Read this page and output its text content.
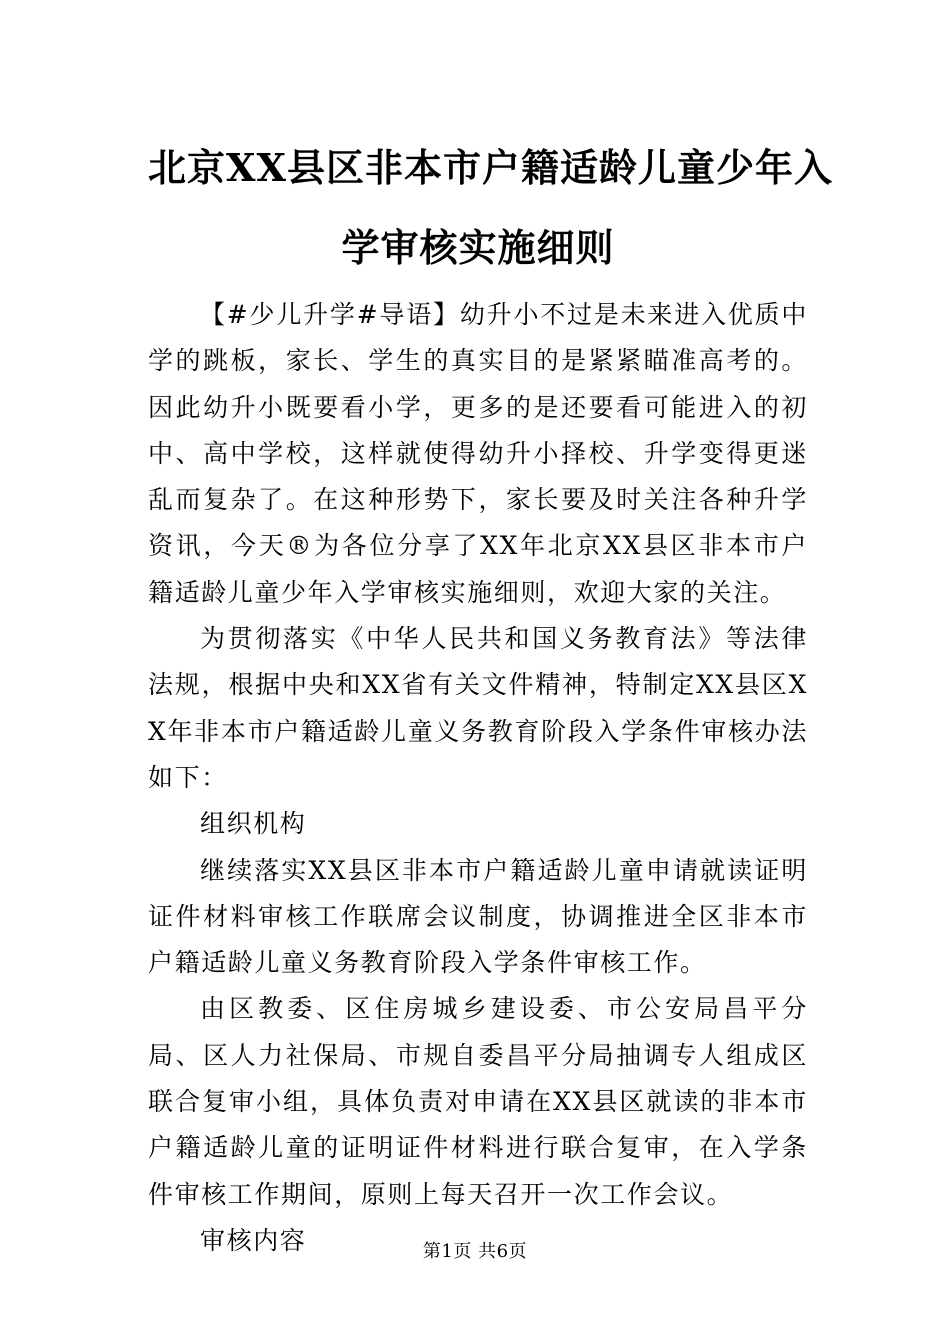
北京XX县区非本市户籍适龄儿童少年入
学审核实施细则

【#少儿升学#导语】幼升小不过是未来进入优质中学的跳板，家长、学生的真实目的是紧紧瞄准高考的。因此幼升小既要看小学，更多的是还要看可能进入的初中、高中学校，这样就使得幼升小择校、升学变得更迷乱而复杂了。在这种形势下，家长要及时关注各种升学资讯，今天®为各位分享了XX年北京XX县区非本市户籍适龄儿童少年入学审核实施细则，欢迎大家的关注。

为贯彻落实《中华人民共和国义务教育法》等法律法规，根据中央和XX省有关文件精神，特制定XX县区XX年非本市户籍适龄儿童义务教育阶段入学条件审核办法如下：

组织机构

继续落实XX县区非本市户籍适龄儿童申请就读证明证件材料审核工作联席会议制度，协调推进全区非本市户籍适龄儿童义务教育阶段入学条件审核工作。

由区教委、区住房城乡建设委、市公安局昌平分局、区人力社保局、市规自委昌平分局抽调专人组成区联合复审小组，具体负责对申请在XX县区就读的非本市户籍适龄儿童的证明证件材料进行联合复审，在入学条件审核工作期间，原则上每天召开一次工作会议。

审核内容	第1页 共6页
